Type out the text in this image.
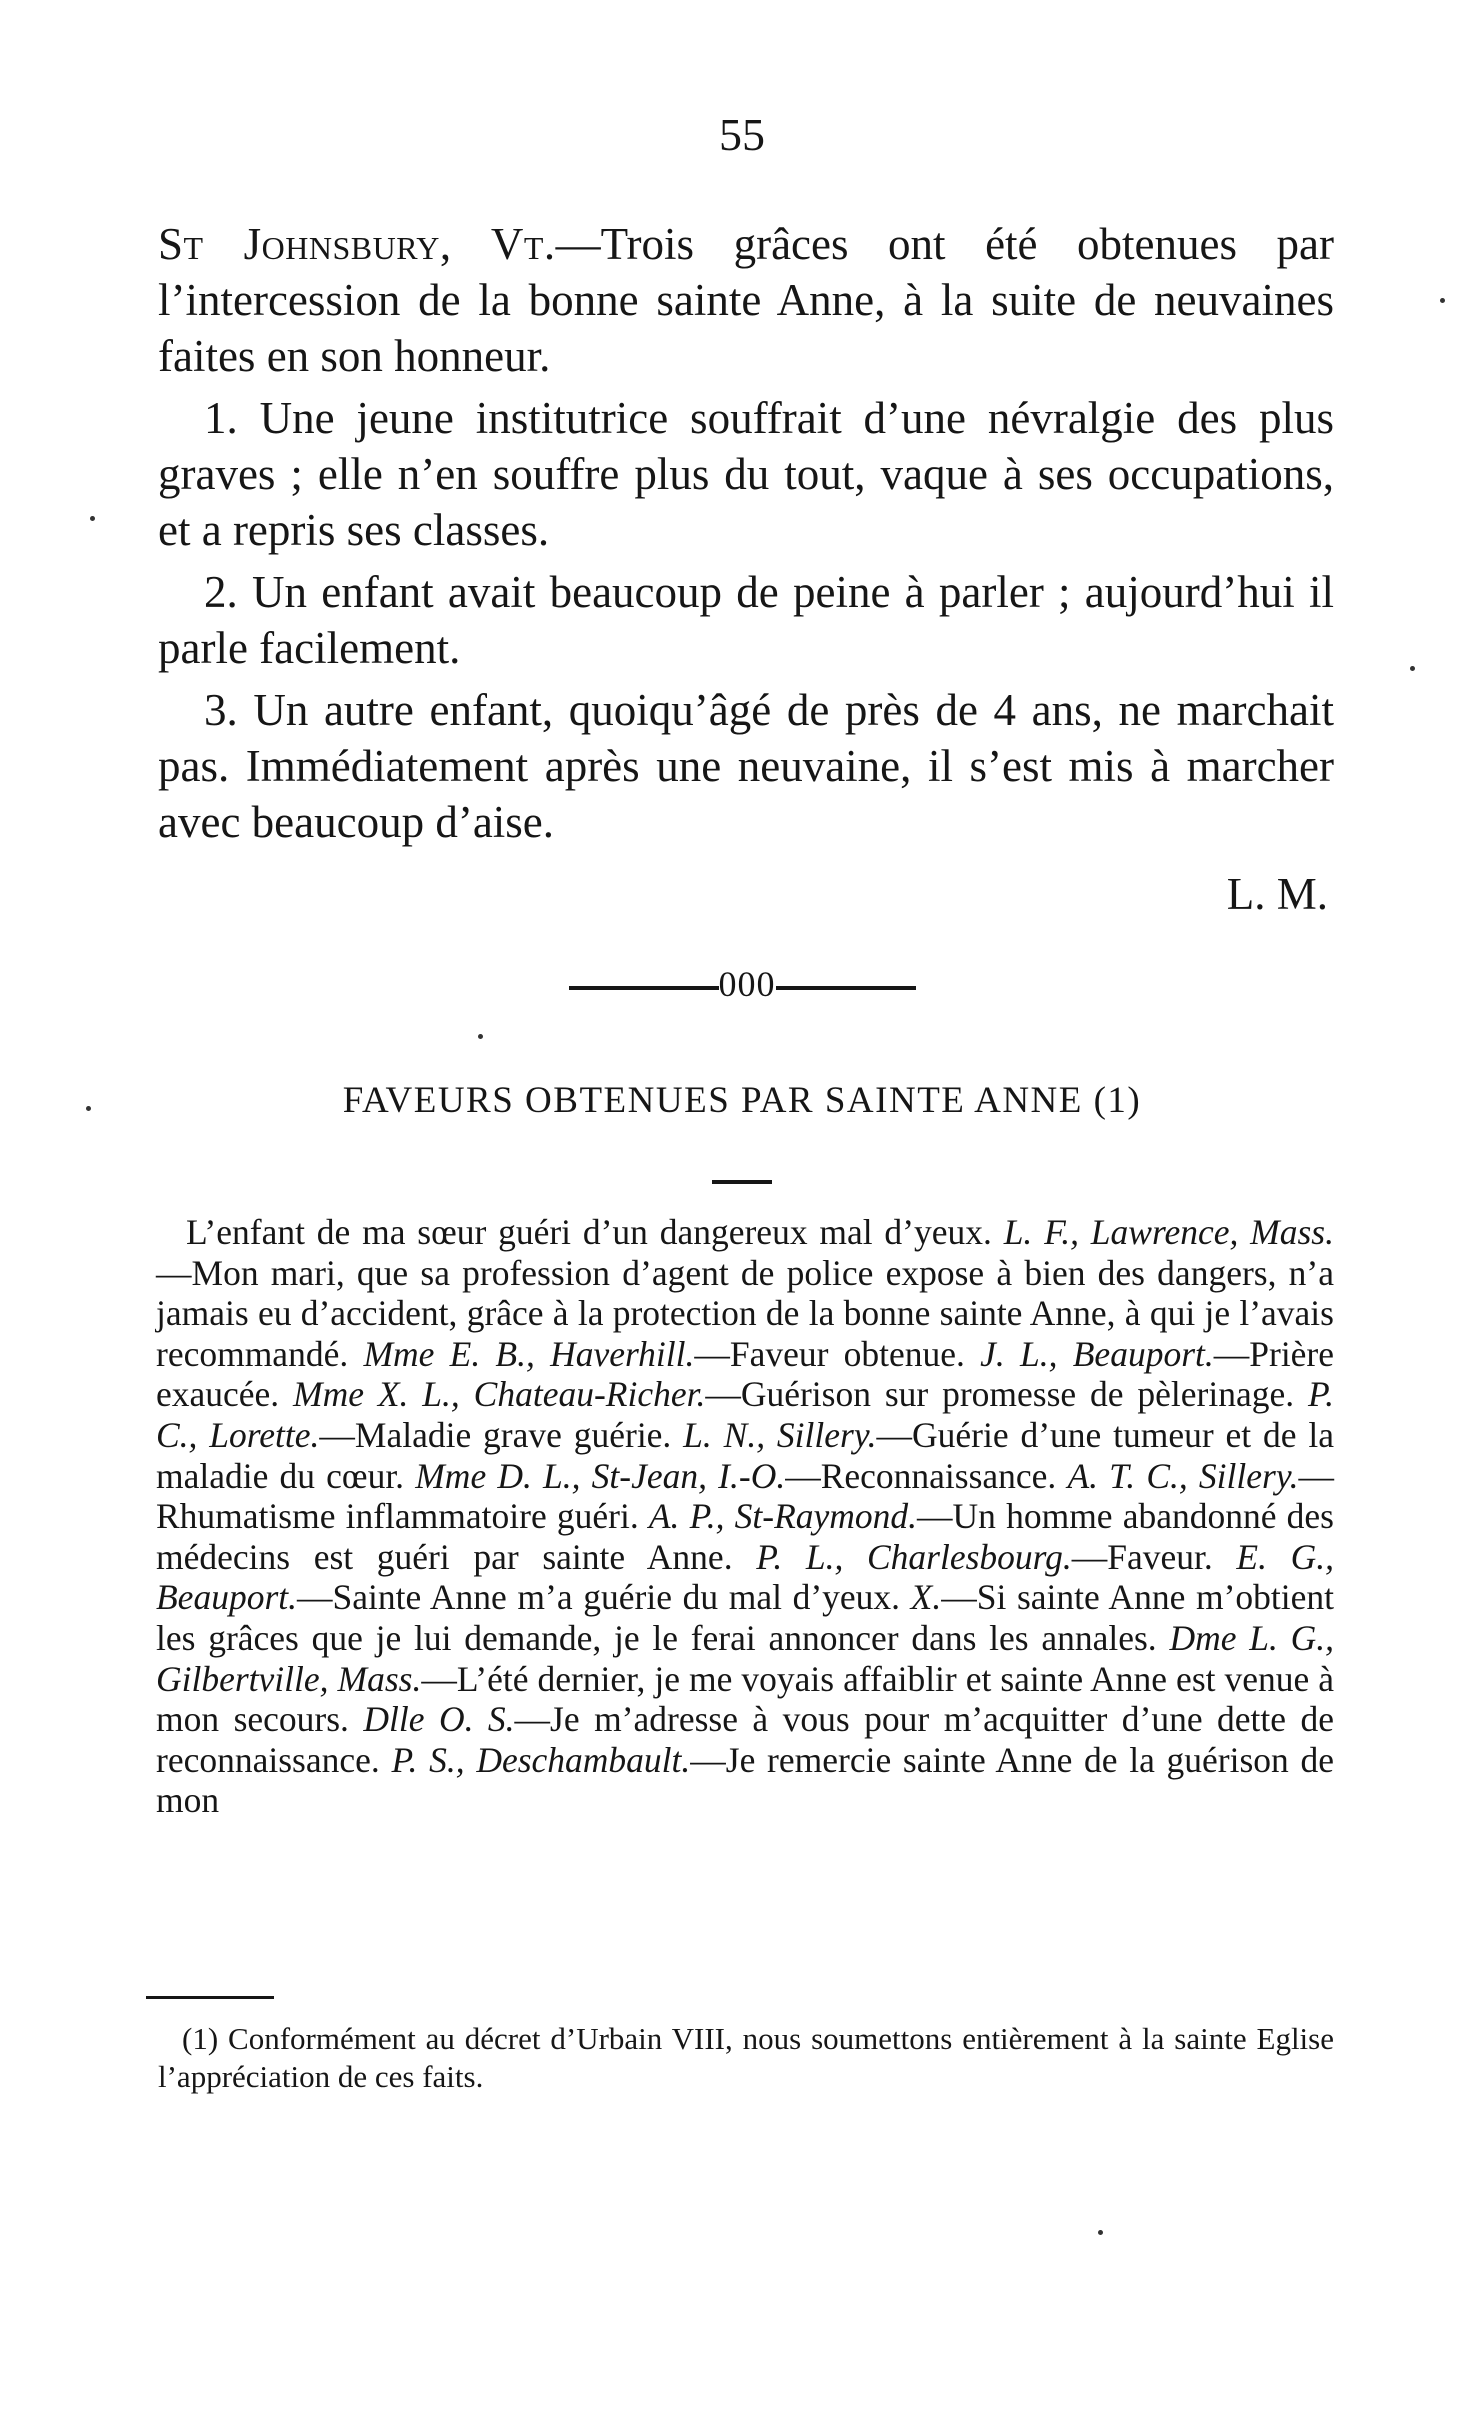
55

St Johnsbury, Vt.—Trois grâces ont été obtenues par l’intercession de la bonne sainte Anne, à la suite de neuvaines faites en son honneur.

1. Une jeune institutrice souffrait d’une névralgie des plus graves ; elle n’en souffre plus du tout, vaque à ses occupations, et a repris ses classes.

2. Un enfant avait beaucoup de peine à parler ; aujourd’hui il parle facilement.

3. Un autre enfant, quoiqu’âgé de près de 4 ans, ne marchait pas. Immédiatement après une neuvaine, il s’est mis à marcher avec beaucoup d’aise.

L. M.
000
FAVEURS OBTENUES PAR SAINTE ANNE (1)

L’enfant de ma sœur guéri d’un dangereux mal d’yeux. L. F., Lawrence, Mass.—Mon mari, que sa profession d’agent de police expose à bien des dangers, n’a jamais eu d’accident, grâce à la protection de la bonne sainte Anne, à qui je l’avais recommandé. Mme E. B., Haverhill.—Faveur obtenue. J. L., Beauport.—Prière exaucée. Mme X. L., Chateau-Richer.—Guérison sur promesse de pèlerinage. P. C., Lorette.—Maladie grave guérie. L. N., Sillery.—Guérie d’une tumeur et de la maladie du cœur. Mme D. L., St-Jean, I.-O.—Reconnaissance. A. T. C., Sillery.—Rhumatisme inflammatoire guéri. A. P., St-Raymond.—Un homme abandonné des médecins est guéri par sainte Anne. P. L., Charlesbourg.—Faveur. E. G., Beauport.—Sainte Anne m’a guérie du mal d’yeux. X.—Si sainte Anne m’obtient les grâces que je lui demande, je le ferai annoncer dans les annales. Dme L. G., Gilbertville, Mass.—L’été dernier, je me voyais affaiblir et sainte Anne est venue à mon secours. Dlle O. S.—Je m’adresse à vous pour m’acquitter d’une dette de reconnaissance. P. S., Deschambault.—Je remercie sainte Anne de la guérison de mon

(1) Conformément au décret d’Urbain VIII, nous soumettons entièrement à la sainte Eglise l’appréciation de ces faits.
